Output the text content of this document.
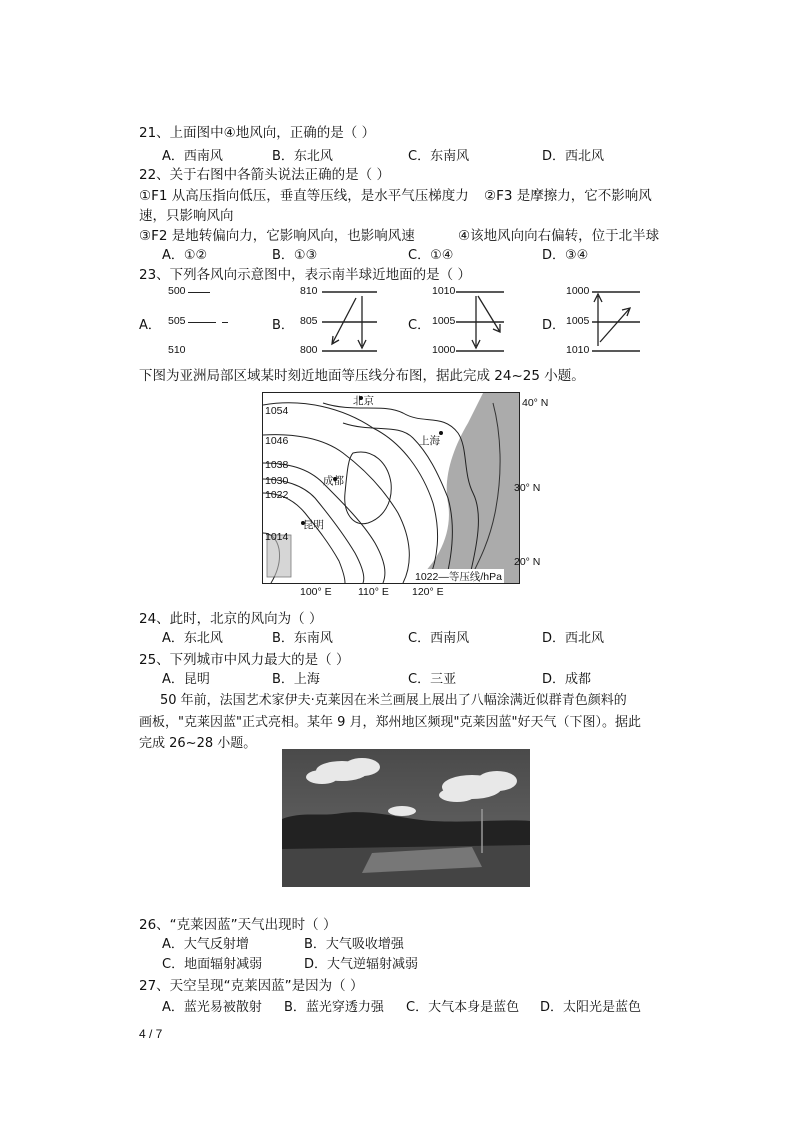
21、上面图中④地风向，正确的是（ ）
A．西南风	B．东北风	C．东南风	D．西北风
22、关于右图中各箭头说法正确的是（ ）
①F1 从高压指向低压，垂直等压线，是水平气压梯度力 ②F3 是摩擦力，它不影响风
速，只影响风向
③F2 是地转偏向力，它影响风向，也影响风速	④该地风向向右偏转，位于北半球
A．①②	B．①③	C．①④	D．③④
23、下列各风向示意图中，表示南半球近地面的是（ ）
500
A． 505
510
B．
810
805
800
C．
1010
1005
1000
D．
1000
1005
1010
下图为亚洲局部区域某时刻近地面等压线分布图，据此完成 24~25 小题。
1054
1046
1038
1030
1022
1014
北京
上海
成都
昆明
1022—等压线/hPa
40° N
30° N
20° N
100° E	110° E 120° E
24、此时，北京的风向为（ ）
A．东北风	B．东南风	C．西南风	D．西北风
25、下列城市中风力最大的是（ ）
A．昆明	B．上海	C．三亚	D．成都
50 年前，法国艺术家伊夫·克莱因在米兰画展上展出了八幅涂满近似群青色颜料的
画板，"克莱因蓝"正式亮相。某年 9 月，郑州地区频现"克莱因蓝"好天气（下图）。据此
完成 26~28 小题。
26、“克莱因蓝”天气出现时（ ）
A．大气反射增	B．大气吸收增强
C．地面辐射减弱	D．大气逆辐射减弱
27、天空呈现“克莱因蓝”是因为（ ）
A．蓝光易被散射 B．蓝光穿透力强 C．大气本身是蓝色 D．太阳光是蓝色
4 / 7
